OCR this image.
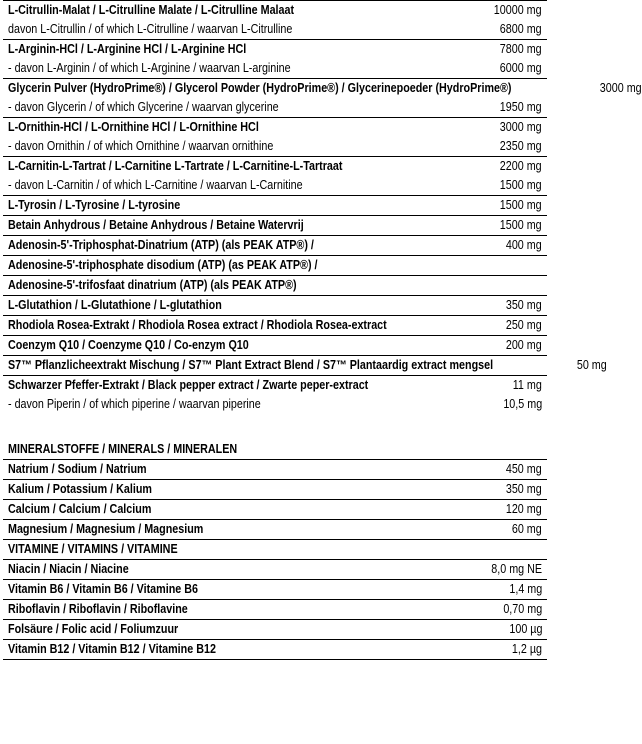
L-Citrullin-Malat / L-Citrulline Malate / L-Citrulline Malaat	10000 mg
davon L-Citrullin / of which L-Citrulline / waarvan L-Citrulline	6800 mg
L-Arginin-HCl / L-Arginine HCl / L-Arginine HCl	7800 mg
- davon L-Arginin / of which L-Arginine / waarvan L-arginine	6000 mg
Glycerin Pulver (HydroPrime®) / Glycerol Powder (HydroPrime®) / Glycerinepoeder (HydroPrime®)	3000 mg
- davon Glycerin / of which Glycerine / waarvan glycerine	1950 mg
L-Ornithin-HCl / L-Ornithine HCl / L-Ornithine HCl	3000 mg
- davon Ornithin / of which Ornithine / waarvan ornithine	2350 mg
L-Carnitin-L-Tartrat / L-Carnitine L-Tartrate / L-Carnitine-L-Tartraat	2200 mg
- davon L-Carnitin / of which L-Carnitine / waarvan L-Carnitine	1500 mg
L-Tyrosin / L-Tyrosine / L-tyrosine	1500 mg
Betain Anhydrous / Betaine Anhydrous / Betaine Watervrij	1500 mg
Adenosin-5'-Triphosphat-Dinatrium (ATP) (als PEAK ATP®) /	400 mg
Adenosine-5'-triphosphate disodium (ATP) (as PEAK ATP®) /
Adenosine-5'-trifosfaat dinatrium (ATP) (als PEAK ATP®)
L-Glutathion / L-Glutathione / L-glutathion	350 mg
Rhodiola Rosea-Extrakt / Rhodiola Rosea extract / Rhodiola Rosea-extract	250 mg
Coenzym Q10 / Coenzyme Q10 / Co-enzym Q10	200 mg
S7™ Pflanzlicheextrakt Mischung / S7™ Plant Extract Blend / S7™ Plantaardig extract mengsel	50 mg
Schwarzer Pfeffer-Extrakt / Black pepper extract / Zwarte peper-extract	11 mg
- davon Piperin / of which piperine / waarvan piperine	10,5 mg
MINERALSTOFFE / MINERALS / MINERALEN
Natrium / Sodium / Natrium	450 mg
Kalium / Potassium / Kalium	350 mg
Calcium / Calcium / Calcium	120 mg
Magnesium / Magnesium / Magnesium	60 mg
VITAMINE / VITAMINS / VITAMINE
Niacin / Niacin / Niacine	8,0 mg NE
Vitamin B6 / Vitamin B6 / Vitamine B6	1,4 mg
Riboflavin / Riboflavin / Riboflavine	0,70 mg
Folsäure / Folic acid / Foliumzuur	100 µg
Vitamin B12 / Vitamin B12 / Vitamine B12	1,2 µg
